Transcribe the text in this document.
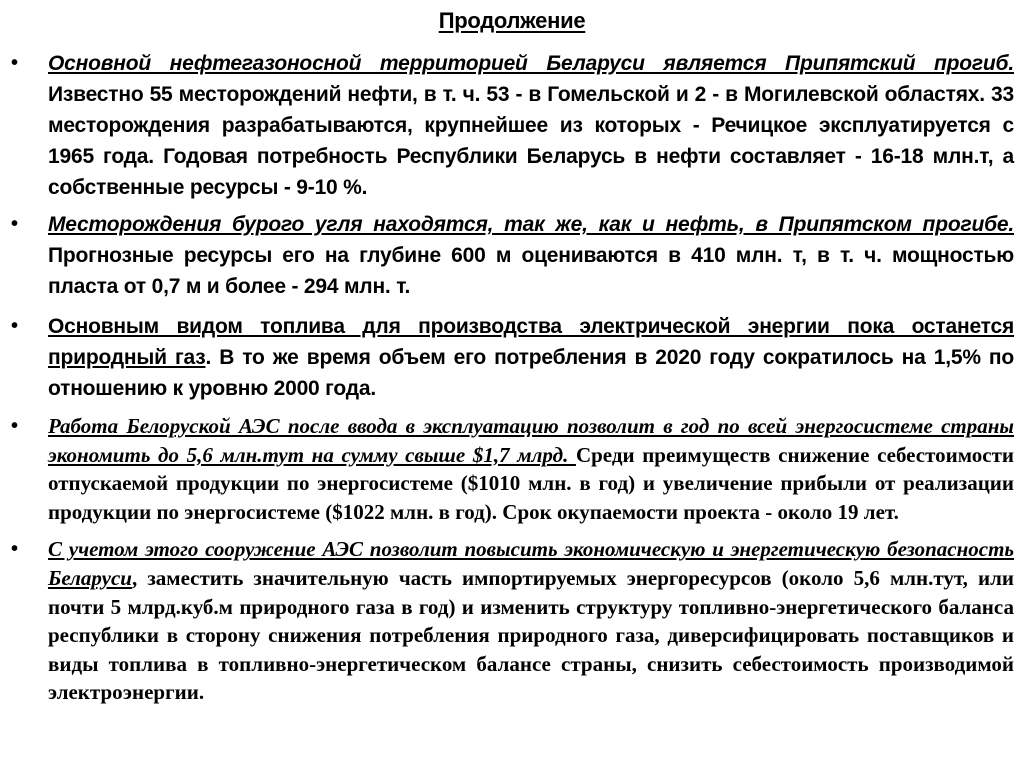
Продолжение
• Основной нефтегазоносной территорией Беларуси является Припятский прогиб. Известно 55 месторождений нефти, в т. ч. 53 - в Гомельской и 2 - в Могилевской областях. 33 месторождения разрабатываются, крупнейшее из которых - Речицкое эксплуатируется с 1965 года. Годовая потребность Республики Беларусь в нефти составляет - 16-18 млн.т, а собственные ресурсы - 9-10 %.
• Месторождения бурого угля находятся, так же, как и нефть, в Припятском прогибе. Прогнозные ресурсы его на глубине 600 м оцениваются в 410 млн. т, в т. ч. мощностью пласта от 0,7 м и более - 294 млн. т.
• Основным видом топлива для производства электрической энергии пока останется природный газ. В то же время объем его потребления в 2020 году сократилось на 1,5% по отношению к уровню 2000 года.
• Работа Белоруской АЭС после ввода в эксплуатацию позволит в год по всей энергосистеме страны экономить до 5,6 млн.тут на сумму свыше $1,7 млрд. Среди преимуществ снижение себестоимости отпускаемой продукции по энергосистеме ($1010 млн. в год) и увеличение прибыли от реализации продукции по энергосистеме ($1022 млн. в год). Срок окупаемости проекта - около 19 лет.
• С учетом этого сооружение АЭС позволит повысить экономическую и энергетическую безопасность Беларуси, заместить значительную часть импортируемых энергоресурсов (около 5,6 млн.тут, или почти 5 млрд.куб.м природного газа в год) и изменить структуру топливно-энергетического баланса республики в сторону снижения потребления природного газа, диверсифицировать поставщиков и виды топлива в топливно-энергетическом балансе страны, снизить себестоимость производимой электроэнергии.
